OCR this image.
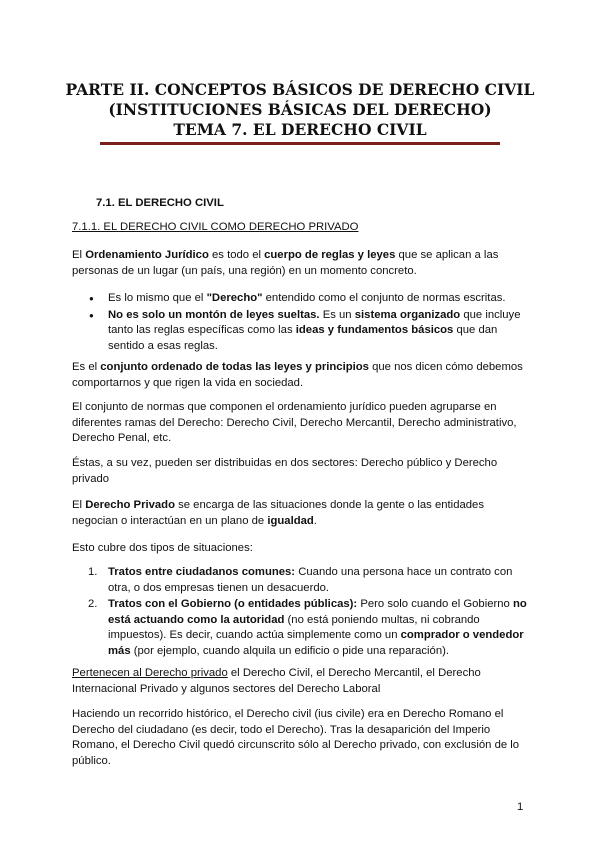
PARTE II. CONCEPTOS BÁSICOS DE DERECHO CIVIL
(INSTITUCIONES BÁSICAS DEL DERECHO)
TEMA 7. EL DERECHO CIVIL
7.1. EL DERECHO CIVIL
7.1.1. EL DERECHO CIVIL COMO DERECHO PRIVADO

El Ordenamiento Jurídico es todo el cuerpo de reglas y leyes que se aplican a las personas de un lugar (un país, una región) en un momento concreto.

● Es lo mismo que el "Derecho" entendido como el conjunto de normas escritas.
● No es solo un montón de leyes sueltas. Es un sistema organizado que incluye tanto las reglas específicas como las ideas y fundamentos básicos que dan sentido a esas reglas.

Es el conjunto ordenado de todas las leyes y principios que nos dicen cómo debemos comportarnos y que rigen la vida en sociedad.

El conjunto de normas que componen el ordenamiento jurídico pueden agruparse en diferentes ramas del Derecho: Derecho Civil, Derecho Mercantil, Derecho administrativo, Derecho Penal, etc.

Éstas, a su vez, pueden ser distribuidas en dos sectores: Derecho público y Derecho privado

El Derecho Privado se encarga de las situaciones donde la gente o las entidades negocian o interactúan en un plano de igualdad.

Esto cubre dos tipos de situaciones:

1. Tratos entre ciudadanos comunes: Cuando una persona hace un contrato con otra, o dos empresas tienen un desacuerdo.
2. Tratos con el Gobierno (o entidades públicas): Pero solo cuando el Gobierno no está actuando como la autoridad (no está poniendo multas, ni cobrando impuestos). Es decir, cuando actúa simplemente como un comprador o vendedor más (por ejemplo, cuando alquila un edificio o pide una reparación).

Pertenecen al Derecho privado el Derecho Civil, el Derecho Mercantil, el Derecho Internacional Privado y algunos sectores del Derecho Laboral

Haciendo un recorrido histórico, el Derecho civil (ius civile) era en Derecho Romano el Derecho del ciudadano (es decir, todo el Derecho). Tras la desaparición del Imperio Romano, el Derecho Civil quedó circunscrito sólo al Derecho privado, con exclusión de lo público.

1
